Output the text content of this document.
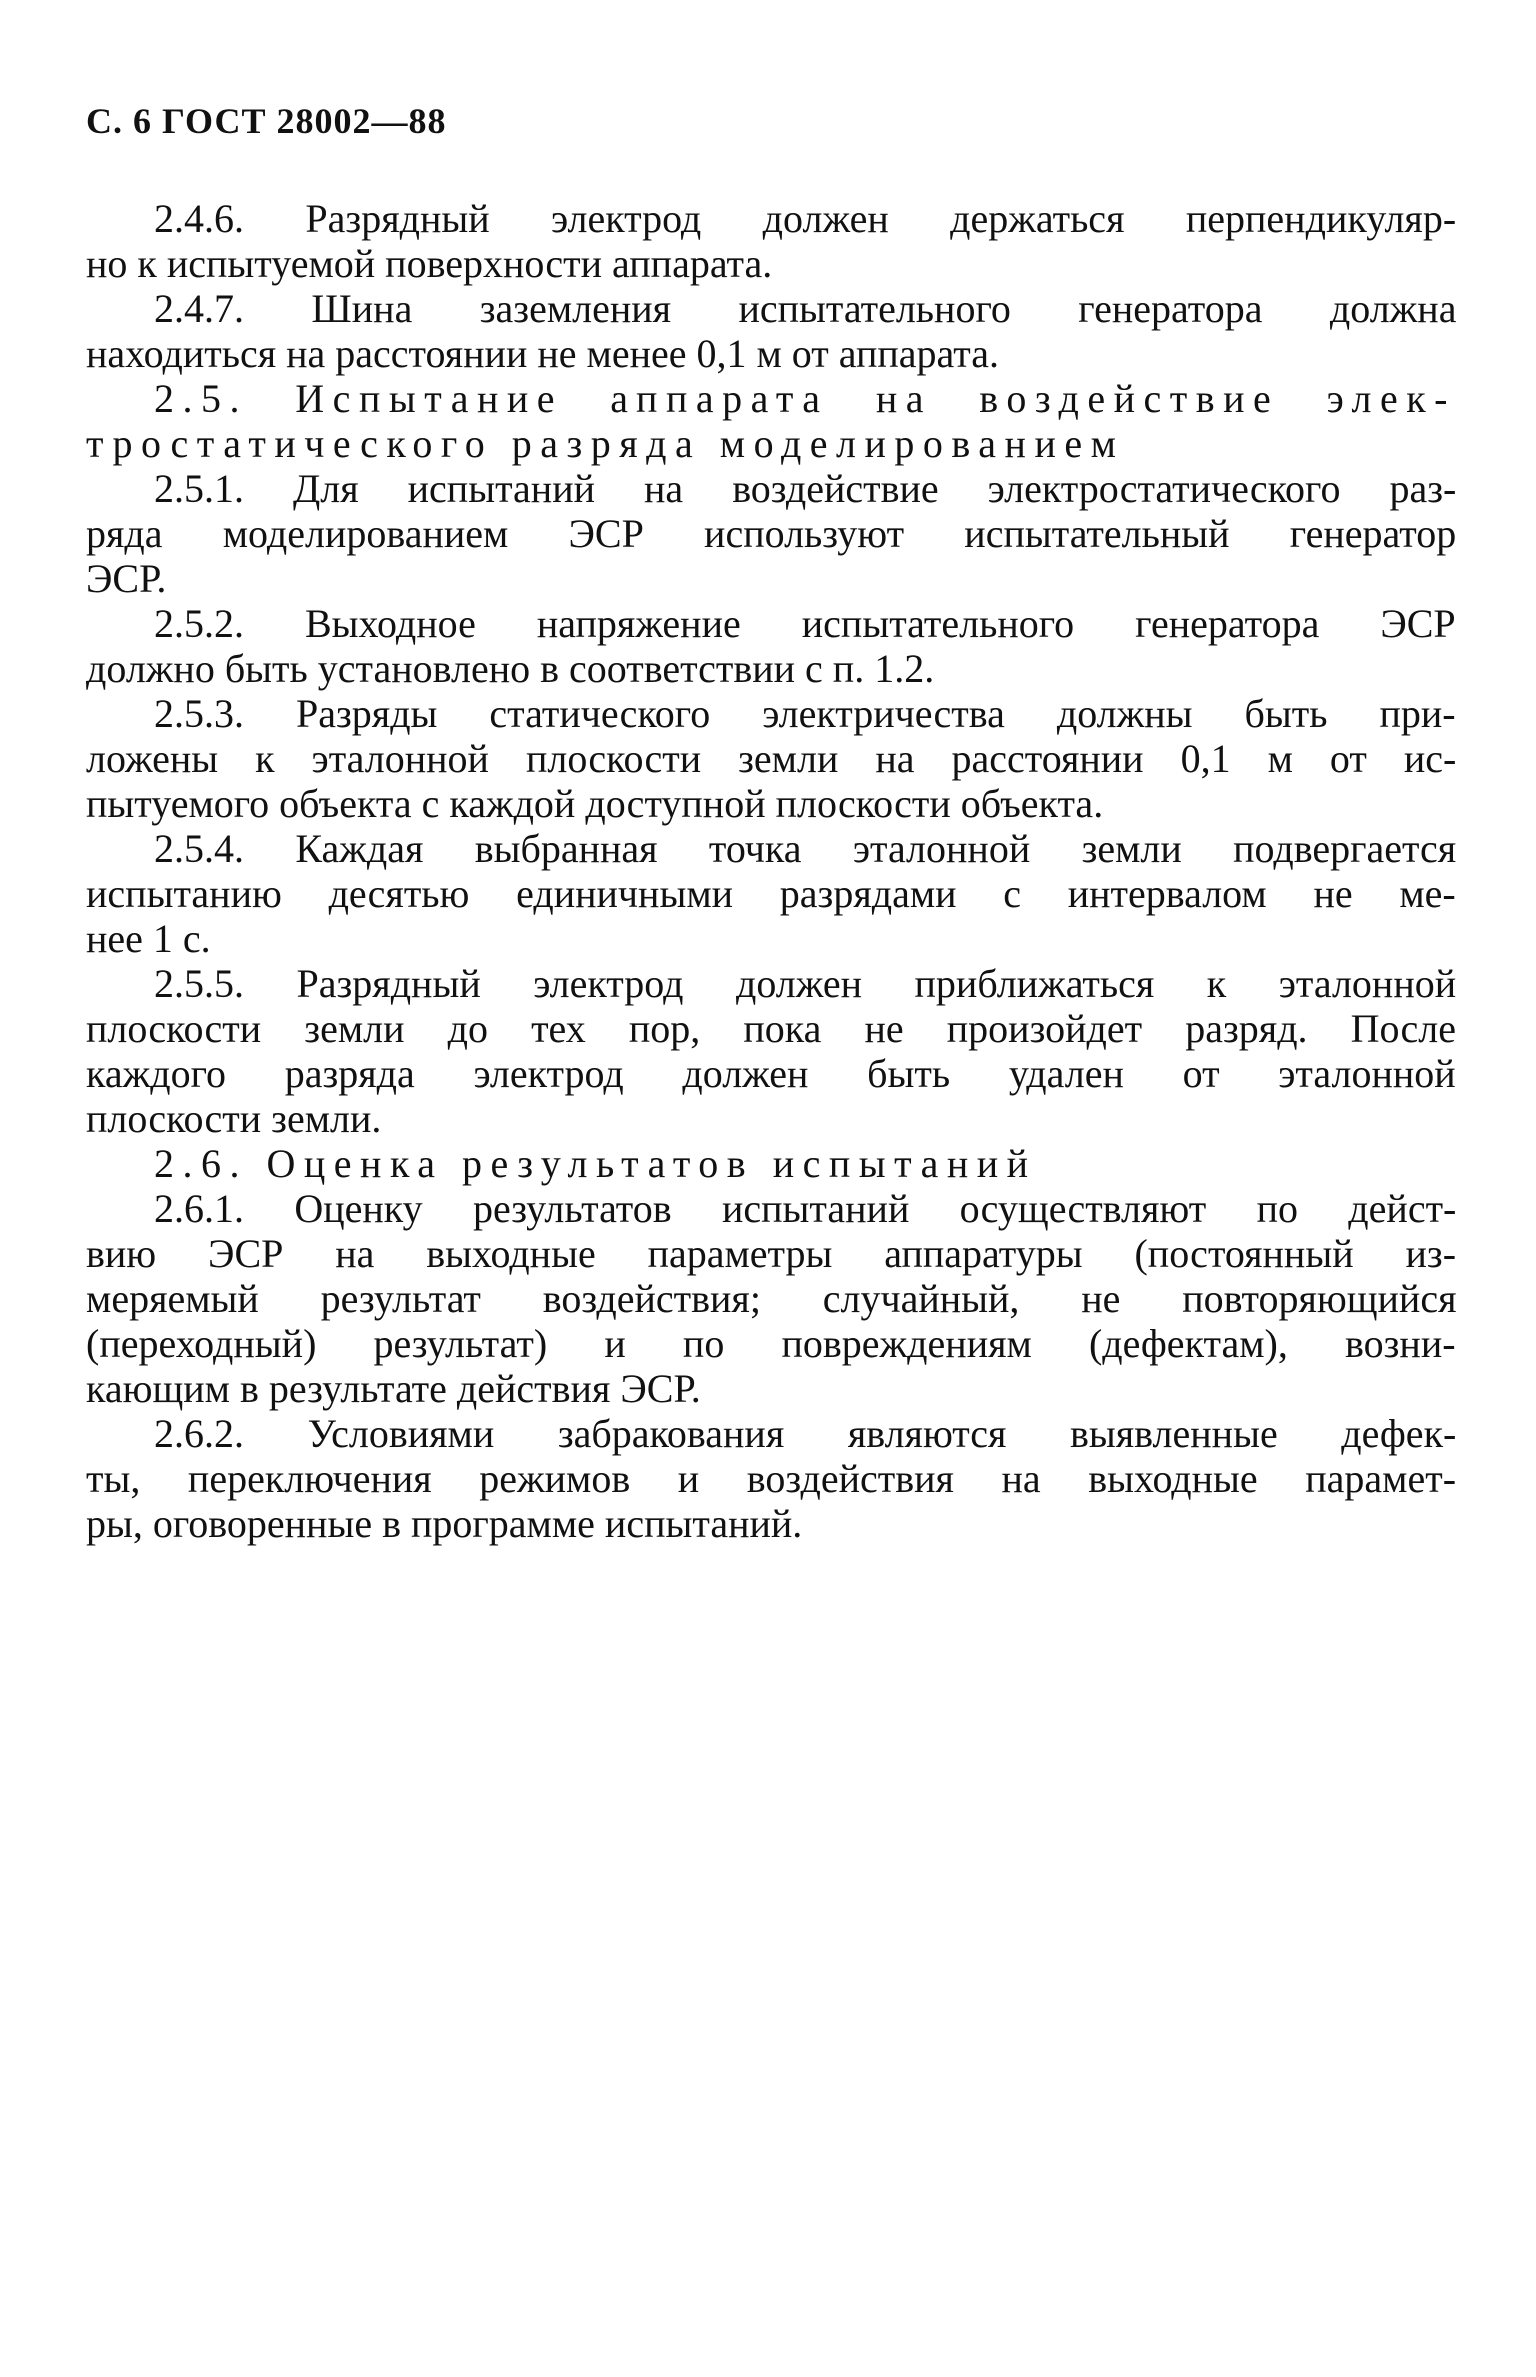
С. 6 ГОСТ 28002—88
2.4.6. Разрядный электрод должен держаться перпендикуляр-
но к испытуемой поверхности аппарата.
2.4.7. Шина заземления испытательного генератора должна
находиться на расстоянии не менее 0,1 м от аппарата.
2.5. Испытание аппарата на воздействие элек-
тростатического разряда моделированием
2.5.1. Для испытаний на воздействие электростатического раз-
ряда моделированием ЭСР используют испытательный генератор
ЭСР.
2.5.2. Выходное напряжение испытательного генератора ЭСР
должно быть установлено в соответствии с п. 1.2.
2.5.3. Разряды статического электричества должны быть при-
ложены к эталонной плоскости земли на расстоянии 0,1 м от ис-
пытуемого объекта с каждой доступной плоскости объекта.
2.5.4. Каждая выбранная точка эталонной земли подвергается
испытанию десятью единичными разрядами с интервалом не ме-
нее 1 с.
2.5.5. Разрядный электрод должен приближаться к эталонной
плоскости земли до тех пор, пока не произойдет разряд. После
каждого разряда электрод должен быть удален от эталонной
плоскости земли.
2.6. Оценка результатов испытаний
2.6.1. Оценку результатов испытаний осуществляют по дейст-
вию ЭСР на выходные параметры аппаратуры (постоянный из-
меряемый результат воздействия; случайный, не повторяющийся
(переходный) результат) и по повреждениям (дефектам), возни-
кающим в результате действия ЭСР.
2.6.2. Условиями забракования являются выявленные дефек-
ты, переключения режимов и воздействия на выходные парамет-
ры, оговоренные в программе испытаний.
